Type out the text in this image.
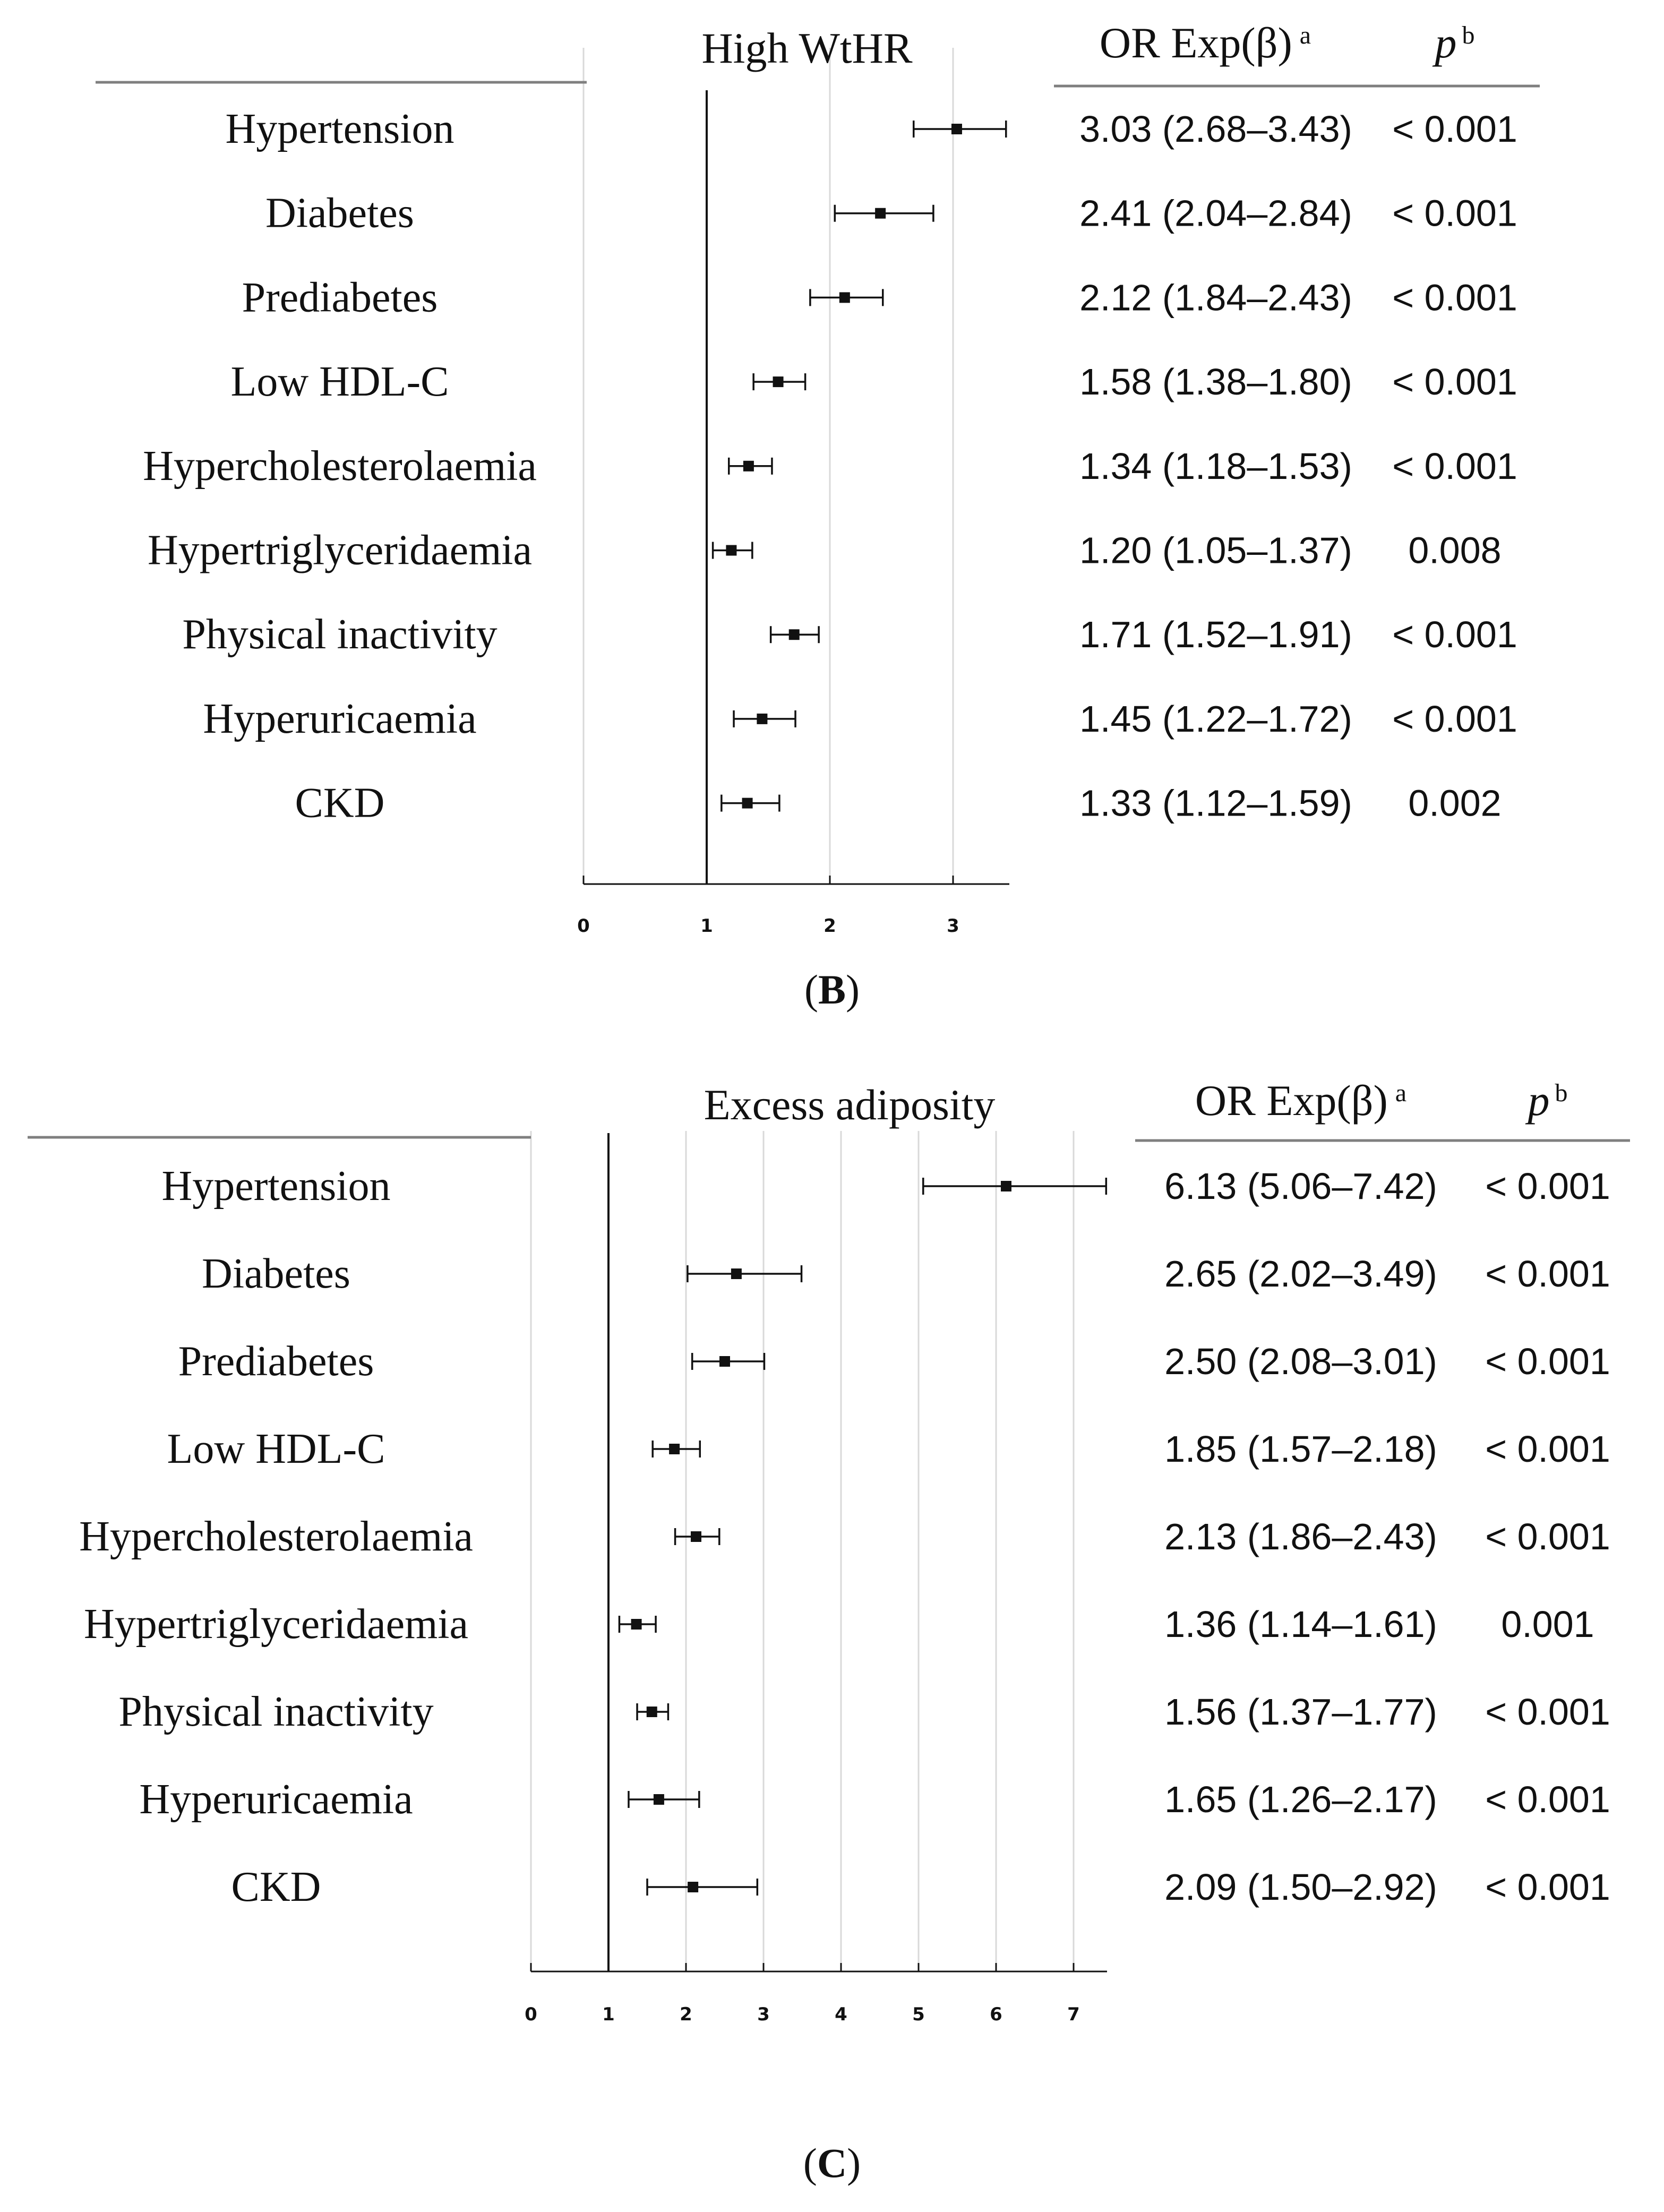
0	1	2	3
High WtHR	OR Exp(β) $^a$	p $^b$
Hypertension	3.03 (2.68–3.43) < 0.001
Diabetes	2.41 (2.04–2.84) < 0.001
Prediabetes	2.12 (1.84–2.43) < 0.001
Low HDL-C	1.58 (1.38–1.80) < 0.001
Hypercholesterolaemia	1.34 (1.18–1.53) < 0.001
Hypertriglyceridaemia	1.20 (1.05–1.37) 0.008
Physical inactivity	1.71 (1.52–1.91) < 0.001
Hyperuricaemia	1.45 (1.22–1.72) < 0.001
CKD	1.33 (1.12–1.59) 0.002
(B)
0	1	2	3	4	5	6	7
Excess adiposity	OR Exp(β) $^a$	p $^b$
Hypertension	6.13 (5.06–7.42) < 0.001
Diabetes	2.65 (2.02–3.49) < 0.001
Prediabetes	2.50 (2.08–3.01) < 0.001
Low HDL-C	1.85 (1.57–2.18) < 0.001
Hypercholesterolaemia	2.13 (1.86–2.43) < 0.001
Hypertriglyceridaemia	1.36 (1.14–1.61) 0.001
Physical inactivity	1.56 (1.37–1.77) < 0.001
Hyperuricaemia	1.65 (1.26–2.17) < 0.001
CKD	2.09 (1.50–2.92) < 0.001
(C)
